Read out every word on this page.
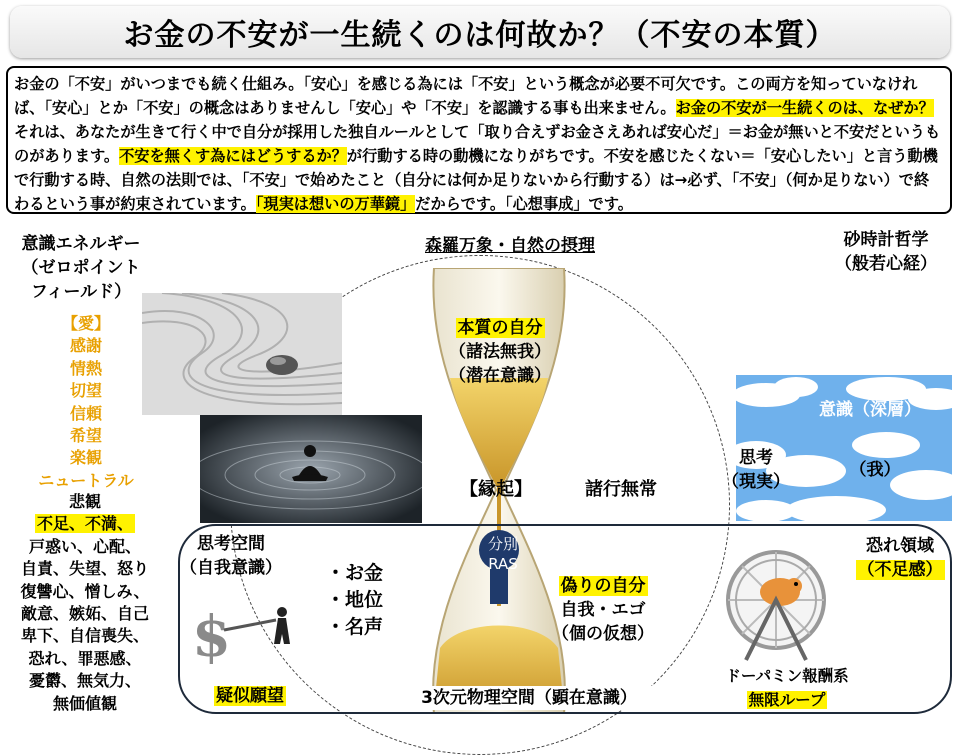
お金の不安が一生続くのは何故か？（不安の本質）
お金の「不安」がいつまでも続く仕組み。「安心」を感じる為には「不安」という概念が必要不可欠です。この両方を知っていなければ、「安心」とか「不安」の概念はありませんし「安心」や「不安」を認識する事も出来ません。お金の不安が一生続くのは、なぜか？それは、あなたが生きて行く中で自分が採用した独自ルールとして「取り合えずお金さえあれば安心だ」＝お金が無いと不安だというものがあります。不安を無くす為にはどうするか？が行動する時の動機になりがちです。不安を感じたくない＝「安心したい」と言う動機で行動する時、自然の法則では、「不安」で始めたこと（自分には何か足りないから行動する）は→必ず、「不安」（何か足りない）で終わるという事が約束されています。「現実は想いの万華鏡」だからです。「心想事成」です。
意識エネルギー
（ゼロポイント
フィールド）
【愛】
感謝
情熱
切望
信頼
希望
楽観
ニュートラル
悲観
不足、不満、
戸惑い、心配、
自責、失望、怒り
復讐心、憎しみ、
敵意、嫉妬、自己
卑下、自信喪失、
恐れ、罪悪感、
憂欝、無気力、
無価値観
森羅万象・自然の摂理	砂時計哲学
（般若心経）
本質の自分
（諸法無我）
（潜在意識）
意識（深層）
（我）
思考
（現実）
【縁起】	諸行無常
分別
RAS
思考空間
（自我意識） ・お金
・地位
・名声
偽りの自分
自我・エゴ
（個の仮想）
恐れ領域
（不足感）
$
疑似願望
ドーパミン報酬系
無限ループ
3次元物理空間（顕在意識）
